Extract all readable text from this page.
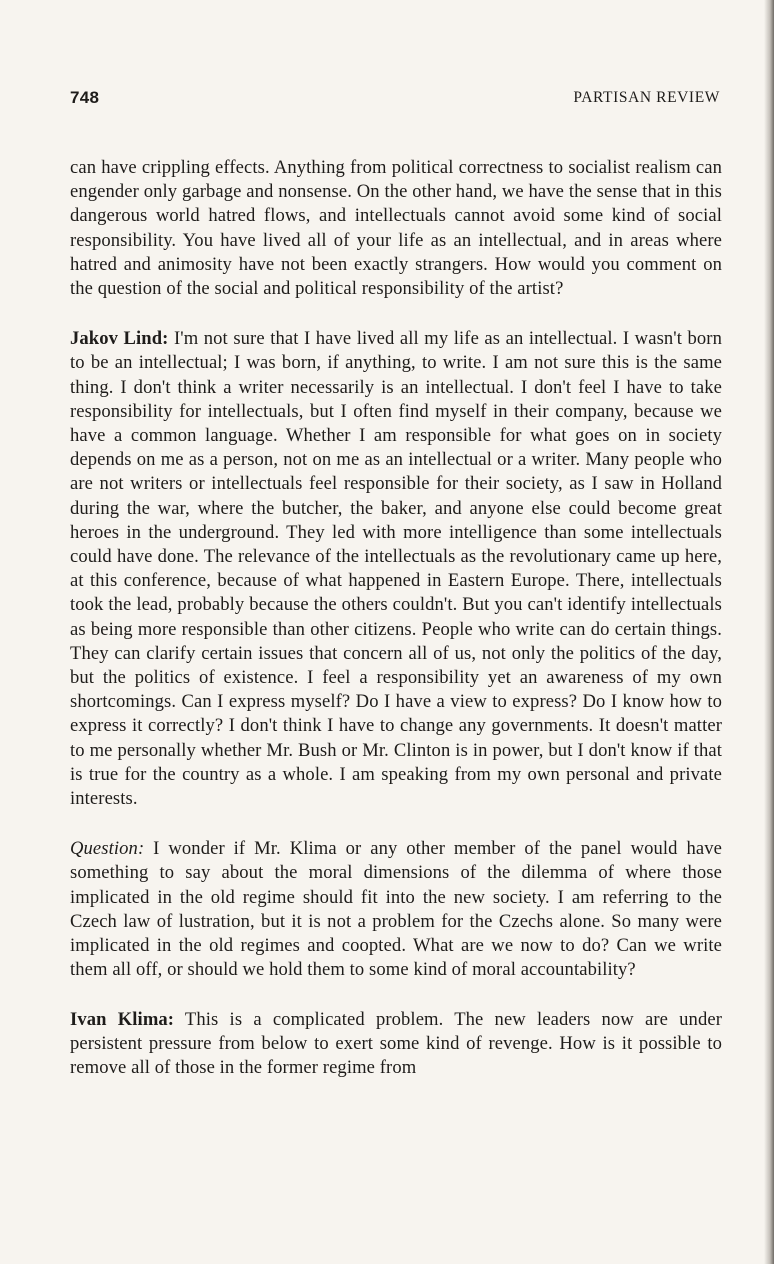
748	PARTISAN REVIEW

can have crippling effects. Anything from political correctness to socialist realism can engender only garbage and nonsense. On the other hand, we have the sense that in this dangerous world hatred flows, and intellectuals cannot avoid some kind of social responsibility. You have lived all of your life as an intellectual, and in areas where hatred and animosity have not been exactly strangers. How would you comment on the question of the social and political responsibility of the artist?

Jakov Lind: I'm not sure that I have lived all my life as an intellectual. I wasn't born to be an intellectual; I was born, if anything, to write. I am not sure this is the same thing. I don't think a writer necessarily is an intellectual. I don't feel I have to take responsibility for intellectuals, but I often find myself in their company, because we have a common language. Whether I am responsible for what goes on in society depends on me as a person, not on me as an intellectual or a writer. Many people who are not writers or intellectuals feel responsible for their society, as I saw in Holland during the war, where the butcher, the baker, and anyone else could become great heroes in the underground. They led with more intelligence than some intellectuals could have done. The relevance of the intellectuals as the revolutionary came up here, at this conference, because of what happened in Eastern Europe. There, intellectuals took the lead, probably because the others couldn't. But you can't identify intellectuals as being more responsible than other citizens. People who write can do certain things. They can clarify certain issues that concern all of us, not only the politics of the day, but the politics of existence. I feel a responsibility yet an awareness of my own shortcomings. Can I express myself? Do I have a view to express? Do I know how to express it correctly? I don't think I have to change any governments. It doesn't matter to me personally whether Mr. Bush or Mr. Clinton is in power, but I don't know if that is true for the country as a whole. I am speaking from my own personal and private interests.

Question: I wonder if Mr. Klima or any other member of the panel would have something to say about the moral dimensions of the dilemma of where those implicated in the old regime should fit into the new society. I am referring to the Czech law of lustration, but it is not a problem for the Czechs alone. So many were implicated in the old regimes and coopted. What are we now to do? Can we write them all off, or should we hold them to some kind of moral accountability?

Ivan Klima: This is a complicated problem. The new leaders now are under persistent pressure from below to exert some kind of revenge. How is it possible to remove all of those in the former regime from
